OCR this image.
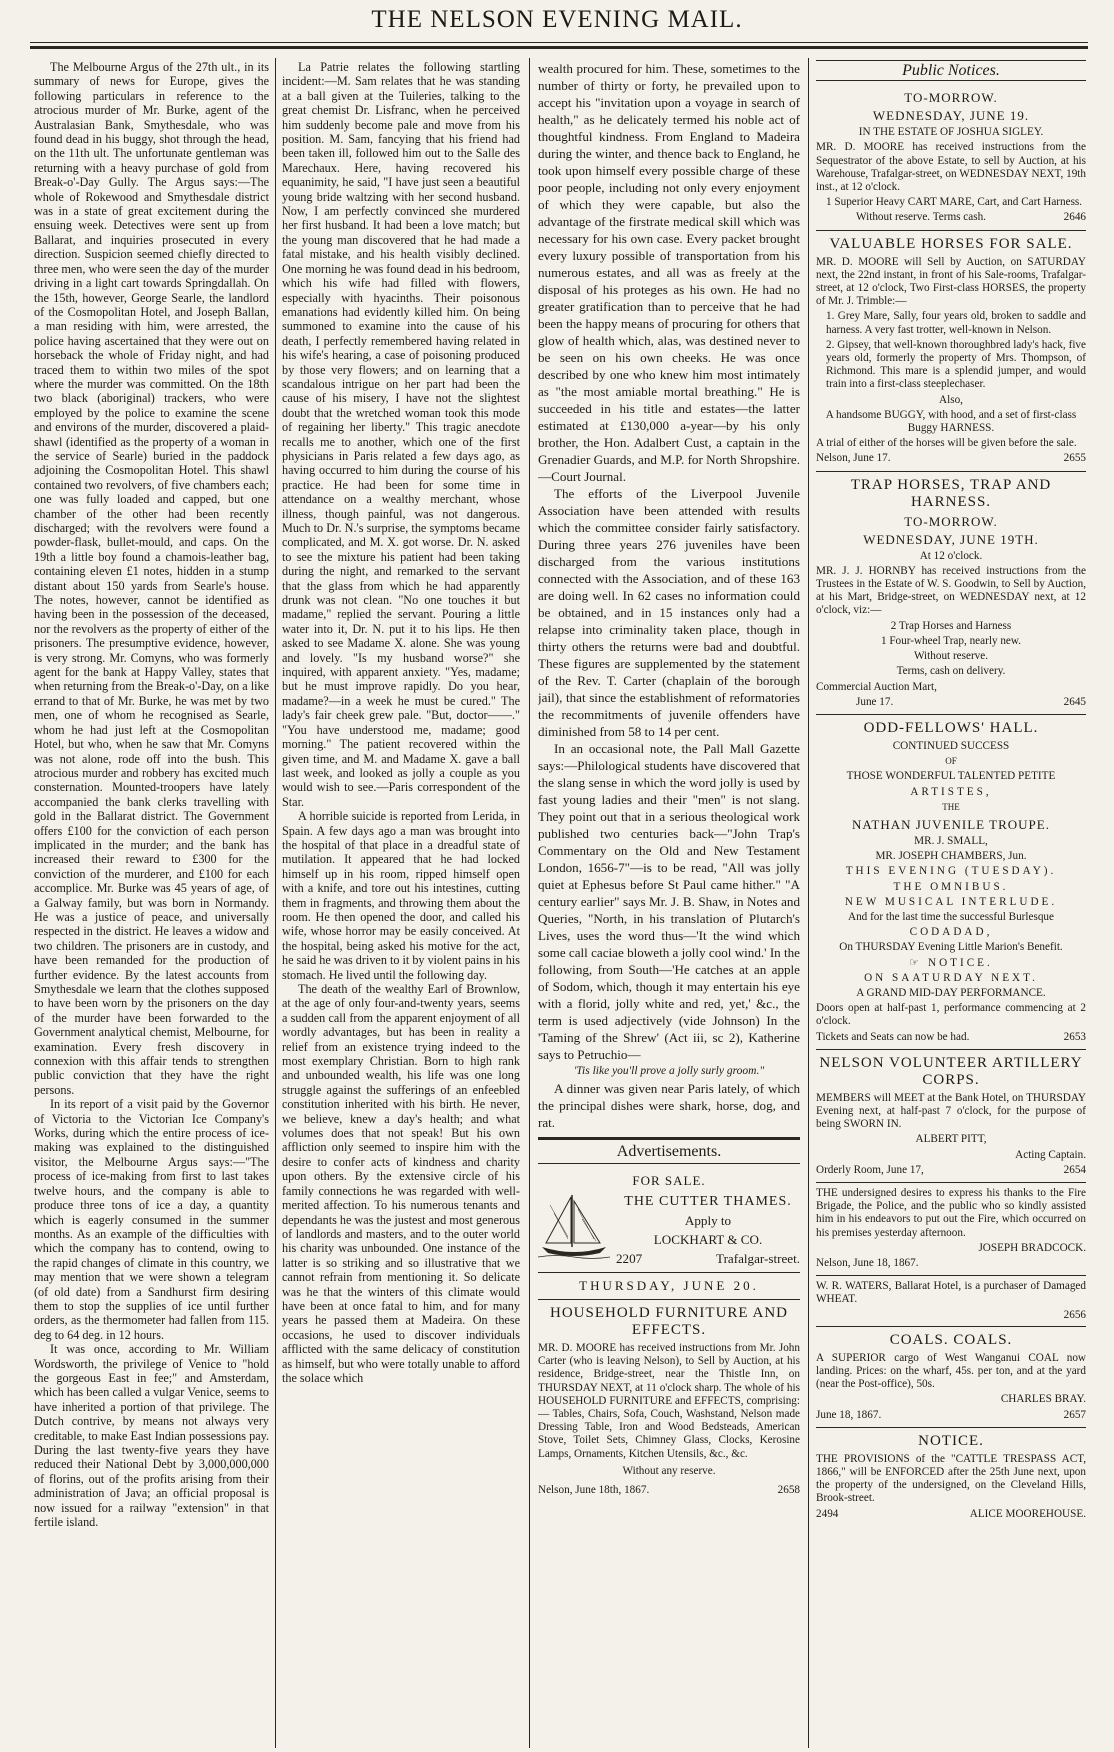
THE NELSON EVENING MAIL.

The Melbourne Argus of the 27th ult., in its summary of news for Europe, gives the following particulars in reference to the atrocious murder of Mr. Burke, agent of the Australasian Bank, Smythesdale, who was found dead in his buggy, shot through the head, on the 11th ult. The unfortunate gentleman was returning with a heavy purchase of gold from Break-o'-Day Gully. The Argus says:—The whole of Rokewood and Smythesdale district was in a state of great excitement during the ensuing week. Detectives were sent up from Ballarat, and inquiries prosecuted in every direction. Suspicion seemed chiefly directed to three men, who were seen the day of the murder driving in a light cart towards Springdallah. On the 15th, however, George Searle, the landlord of the Cosmopolitan Hotel, and Joseph Ballan, a man residing with him, were arrested, the police having ascertained that they were out on horseback the whole of Friday night, and had traced them to within two miles of the spot where the murder was committed. On the 18th two black (aboriginal) trackers, who were employed by the police to examine the scene and environs of the murder, discovered a plaid-shawl (identified as the property of a woman in the service of Searle) buried in the paddock adjoining the Cosmopolitan Hotel. This shawl contained two revolvers, of five chambers each; one was fully loaded and capped, but one chamber of the other had been recently discharged; with the revolvers were found a powder-flask, bullet-mould, and caps. On the 19th a little boy found a chamois-leather bag, containing eleven £1 notes, hidden in a stump distant about 150 yards from Searle's house. The notes, however, cannot be identified as having been in the possession of the deceased, nor the revolvers as the property of either of the prisoners. The presumptive evidence, however, is very strong. Mr. Comyns, who was formerly agent for the bank at Happy Valley, states that when returning from the Break-o'-Day, on a like errand to that of Mr. Burke, he was met by two men, one of whom he recognised as Searle, whom he had just left at the Cosmopolitan Hotel, but who, when he saw that Mr. Comyns was not alone, rode off into the bush. This atrocious murder and robbery has excited much consternation. Mounted-troopers have lately accompanied the bank clerks travelling with gold in the Ballarat district. The Government offers £100 for the conviction of each person implicated in the murder; and the bank has increased their reward to £300 for the conviction of the murderer, and £100 for each accomplice. Mr. Burke was 45 years of age, of a Galway family, but was born in Normandy. He was a justice of peace, and universally respected in the district. He leaves a widow and two children. The prisoners are in custody, and have been remanded for the production of further evidence. By the latest accounts from Smythesdale we learn that the clothes supposed to have been worn by the prisoners on the day of the murder have been forwarded to the Government analytical chemist, Melbourne, for examination. Every fresh discovery in connexion with this affair tends to strengthen public conviction that they have the right persons.

In its report of a visit paid by the Governor of Victoria to the Victorian Ice Company's Works, during which the entire process of ice-making was explained to the distinguished visitor, the Melbourne Argus says:—"The process of ice-making from first to last takes twelve hours, and the company is able to produce three tons of ice a day, a quantity which is eagerly consumed in the summer months. As an example of the difficulties with which the company has to contend, owing to the rapid changes of climate in this country, we may mention that we were shown a telegram (of old date) from a Sandhurst firm desiring them to stop the supplies of ice until further orders, as the thermometer had fallen from 115. deg to 64 deg. in 12 hours.

It was once, according to Mr. William Wordsworth, the privilege of Venice to "hold the gorgeous East in fee;" and Amsterdam, which has been called a vulgar Venice, seems to have inherited a portion of that privilege. The Dutch contrive, by means not always very creditable, to make East Indian possessions pay. During the last twenty-five years they have reduced their National Debt by 3,000,000,000 of florins, out of the profits arising from their administration of Java; an official proposal is now issued for a railway "extension" in that fertile island.

La Patrie relates the following startling incident:—M. Sam relates that he was standing at a ball given at the Tuileries, talking to the great chemist Dr. Lisfranc, when he perceived him suddenly become pale and move from his position. M. Sam, fancying that his friend had been taken ill, followed him out to the Salle des Marechaux. Here, having recovered his equanimity, he said, "I have just seen a beautiful young bride waltzing with her second husband. Now, I am perfectly convinced she murdered her first husband. It had been a love match; but the young man discovered that he had made a fatal mistake, and his health visibly declined. One morning he was found dead in his bedroom, which his wife had filled with flowers, especially with hyacinths. Their poisonous emanations had evidently killed him. On being summoned to examine into the cause of his death, I perfectly remembered having related in his wife's hearing, a case of poisoning produced by those very flowers; and on learning that a scandalous intrigue on her part had been the cause of his misery, I have not the slightest doubt that the wretched woman took this mode of regaining her liberty." This tragic anecdote recalls me to another, which one of the first physicians in Paris related a few days ago, as having occurred to him during the course of his practice. He had been for some time in attendance on a wealthy merchant, whose illness, though painful, was not dangerous. Much to Dr. N.'s surprise, the symptoms became complicated, and M. X. got worse. Dr. N. asked to see the mixture his patient had been taking during the night, and remarked to the servant that the glass from which he had apparently drunk was not clean. "No one touches it but madame," replied the servant. Pouring a little water into it, Dr. N. put it to his lips. He then asked to see Madame X. alone. She was young and lovely. "Is my husband worse?" she inquired, with apparent anxiety. "Yes, madame; but he must improve rapidly. Do you hear, madame?—in a week he must be cured." The lady's fair cheek grew pale. "But, doctor——." "You have understood me, madame; good morning." The patient recovered within the given time, and M. and Madame X. gave a ball last week, and looked as jolly a couple as you would wish to see.—Paris correspondent of the Star.

A horrible suicide is reported from Lerida, in Spain. A few days ago a man was brought into the hospital of that place in a dreadful state of mutilation. It appeared that he had locked himself up in his room, ripped himself open with a knife, and tore out his intestines, cutting them in fragments, and throwing them about the room. He then opened the door, and called his wife, whose horror may be easily conceived. At the hospital, being asked his motive for the act, he said he was driven to it by violent pains in his stomach. He lived until the following day.

The death of the wealthy Earl of Brownlow, at the age of only four-and-twenty years, seems a sudden call from the apparent enjoyment of all wordly advantages, but has been in reality a relief from an existence trying indeed to the most exemplary Christian. Born to high rank and unbounded wealth, his life was one long struggle against the sufferings of an enfeebled constitution inherited with his birth. He never, we believe, knew a day's health; and what volumes does that not speak! But his own affliction only seemed to inspire him with the desire to confer acts of kindness and charity upon others. By the extensive circle of his family connections he was regarded with well-merited affection. To his numerous tenants and dependants he was the justest and most generous of landlords and masters, and to the outer world his charity was unbounded. One instance of the latter is so striking and so illustrative that we cannot refrain from mentioning it. So delicate was he that the winters of this climate would have been at once fatal to him, and for many years he passed them at Madeira. On these occasions, he used to discover individuals afflicted with the same delicacy of constitution as himself, but who were totally unable to afford the solace which

wealth procured for him. These, sometimes to the number of thirty or forty, he prevailed upon to accept his "invitation upon a voyage in search of health," as he delicately termed his noble act of thoughtful kindness. From England to Madeira during the winter, and thence back to England, he took upon himself every possible charge of these poor people, including not only every enjoyment of which they were capable, but also the advantage of the firstrate medical skill which was necessary for his own case. Every packet brought every luxury possible of transportation from his numerous estates, and all was as freely at the disposal of his proteges as his own. He had no greater gratification than to perceive that he had been the happy means of procuring for others that glow of health which, alas, was destined never to be seen on his own cheeks. He was once described by one who knew him most intimately as "the most amiable mortal breathing." He is succeeded in his title and estates—the latter estimated at £130,000 a-year—by his only brother, the Hon. Adalbert Cust, a captain in the Grenadier Guards, and M.P. for North Shropshire.—Court Journal.

The efforts of the Liverpool Juvenile Association have been attended with results which the committee consider fairly satisfactory. During three years 276 juveniles have been discharged from the various institutions connected with the Association, and of these 163 are doing well. In 62 cases no information could be obtained, and in 15 instances only had a relapse into criminality taken place, though in thirty others the returns were bad and doubtful. These figures are supplemented by the statement of the Rev. T. Carter (chaplain of the borough jail), that since the establishment of reformatories the recommitments of juvenile offenders have diminished from 58 to 14 per cent.

In an occasional note, the Pall Mall Gazette says:—Philological students have discovered that the slang sense in which the word jolly is used by fast young ladies and their "men" is not slang. They point out that in a serious theological work published two centuries back—"John Trap's Commentary on the Old and New Testament London, 1656-7"—is to be read, "All was jolly quiet at Ephesus before St Paul came hither." "A century earlier" says Mr. J. B. Shaw, in Notes and Queries, "North, in his translation of Plutarch's Lives, uses the word thus—'It the wind which some call caciae bloweth a jolly cool wind.' In the following, from South—'He catches at an apple of Sodom, which, though it may entertain his eye with a florid, jolly white and red, yet,' &c., the term is used adjectively (vide Johnson) In the 'Taming of the Shrew' (Act iii, sc 2), Katherine says to Petruchio—

'Tis like you'll prove a jolly surly groom."

A dinner was given near Paris lately, of which the principal dishes were shark, horse, dog, and rat.

Advertisements.
FOR SALE.
THE CUTTER THAMES.
Apply to
LOCKHART & CO.
2207	Trafalgar-street.
THURSDAY, JUNE 20.
HOUSEHOLD FURNITURE AND EFFECTS.
MR. D. MOORE has received instructions from Mr. John Carter (who is leaving Nelson), to Sell by Auction, at his residence, Bridge-street, near the Thistle Inn, on THURSDAY NEXT, at 11 o'clock sharp. The whole of his HOUSEHOLD FURNITURE and EFFECTS, comprising:— Tables, Chairs, Sofa, Couch, Washstand, Nelson made Dressing Table, Iron and Wood Bedsteads, American Stove, Toilet Sets, Chimney Glass, Clocks, Kerosine Lamps, Ornaments, Kitchen Utensils, &c., &c.
Without any reserve.
Nelson, June 18th, 1867.	2658
Public Notices.
TO-MORROW.
WEDNESDAY, JUNE 19.
IN THE ESTATE OF JOSHUA SIGLEY.
MR. D. MOORE has received instructions from the Sequestrator of the above Estate, to sell by Auction, at his Warehouse, Trafalgar-street, on WEDNESDAY NEXT, 19th inst., at 12 o'clock.
1 Superior Heavy CART MARE, Cart, and Cart Harness.
Without reserve. Terms cash.	2646
VALUABLE HORSES FOR SALE.
MR. D. MOORE will Sell by Auction, on SATURDAY next, the 22nd instant, in front of his Sale-rooms, Trafalgar-street, at 12 o'clock, Two First-class HORSES, the property of Mr. J. Trimble:—
1. Grey Mare, Sally, four years old, broken to saddle and harness. A very fast trotter, well-known in Nelson.
2. Gipsey, that well-known thoroughbred lady's hack, five years old, formerly the property of Mrs. Thompson, of Richmond. This mare is a splendid jumper, and would train into a first-class steeplechaser.
Also,
A handsome BUGGY, with hood, and a set of first-class Buggy HARNESS.
A trial of either of the horses will be given before the sale.
Nelson, June 17.	2655
TRAP HORSES, TRAP AND HARNESS.
TO-MORROW.
WEDNESDAY, JUNE 19TH.
At 12 o'clock.
MR. J. J. HORNBY has received instructions from the Trustees in the Estate of W. S. Goodwin, to Sell by Auction, at his Mart, Bridge-street, on WEDNESDAY next, at 12 o'clock, viz:—
2 Trap Horses and Harness
1 Four-wheel Trap, nearly new.
Without reserve.
Terms, cash on delivery.
Commercial Auction Mart,
June 17.	2645
ODD-FELLOWS' HALL.
CONTINUED SUCCESS
OF
THOSE WONDERFUL TALENTED PETITE
ARTISTES,
THE
NATHAN JUVENILE TROUPE.
MR. J. SMALL,
MR. JOSEPH CHAMBERS, Jun.
THIS EVENING (TUESDAY).
THE OMNIBUS.
NEW MUSICAL INTERLUDE.
And for the last time the successful Burlesque
CODADAD,
On THURSDAY Evening Little Marion's Benefit.
☞ NOTICE.
ON SAATURDAY NEXT.
A GRAND MID-DAY PERFORMANCE.
Doors open at half-past 1, performance commencing at 2 o'clock.
Tickets and Seats can now be had.	2653
NELSON VOLUNTEER ARTILLERY CORPS.
MEMBERS will MEET at the Bank Hotel, on THURSDAY Evening next, at half-past 7 o'clock, for the purpose of being SWORN IN.
ALBERT PITT,
Acting Captain.
Orderly Room, June 17,	2654
THE undersigned desires to express his thanks to the Fire Brigade, the Police, and the public who so kindly assisted him in his endeavors to put out the Fire, which occurred on his premises yesterday afternoon.
JOSEPH BRADCOCK.
Nelson, June 18, 1867.
W. R. WATERS, Ballarat Hotel, is a purchaser of Damaged WHEAT.
2656
COALS. COALS.
A SUPERIOR cargo of West Wanganui COAL now landing. Prices: on the wharf, 45s. per ton, and at the yard (near the Post-office), 50s.
CHARLES BRAY.
June 18, 1867.	2657
NOTICE.
THE PROVISIONS of the "CATTLE TRESPASS ACT, 1866," will be ENFORCED after the 25th June next, upon the property of the undersigned, on the Cleveland Hills, Brook-street.
2494	ALICE MOOREHOUSE.
